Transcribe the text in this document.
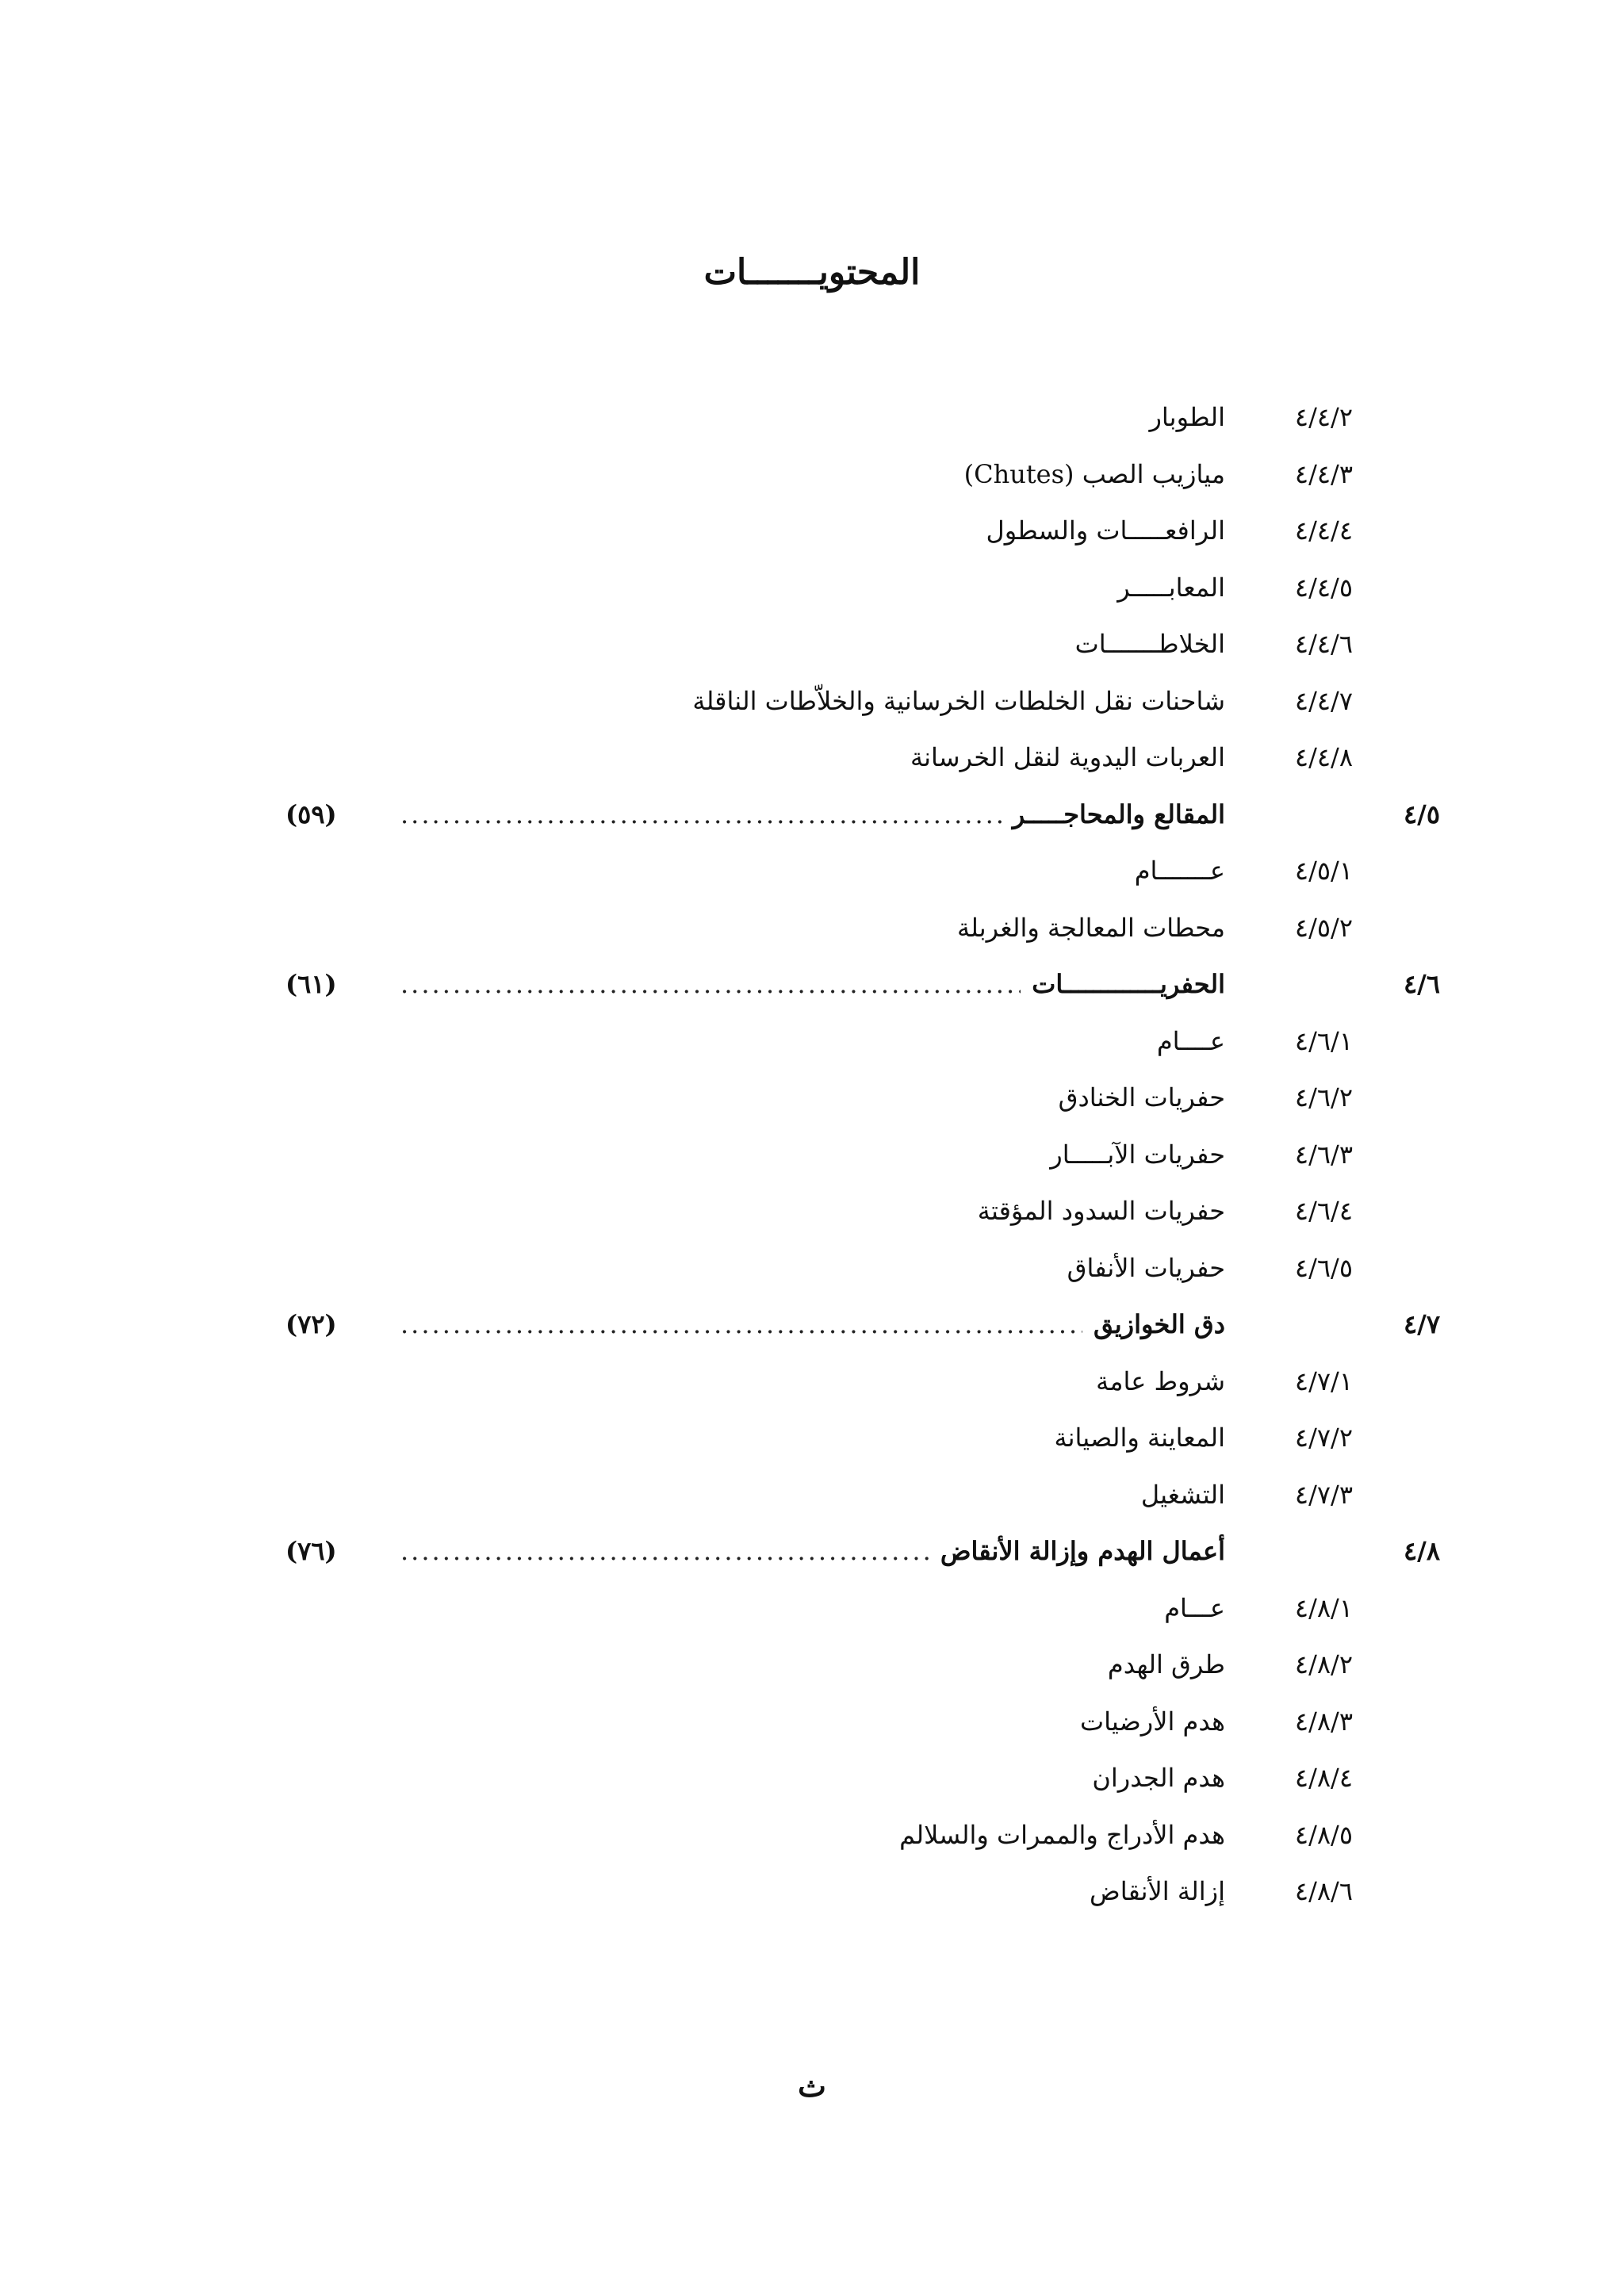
المحتويـــــــات
٤/٤/٢
الطوبار
٤/٤/٣
ميازيب الصب (Chutes)
٤/٤/٤
الرافعـــــات والسطول
٤/٤/٥
المعابـــــر
٤/٤/٦
الخلاطـــــــات
٤/٤/٧
شاحنات نقل الخلطات الخرسانية والخلاّطات الناقلة
٤/٤/٨
العربات اليدوية لنقل الخرسانة
٤/٥
المقالع والمحاجـــــر
.....
(٥٩)
٤/٥/١
عـــــــام
٤/٥/٢
محطات المعالجة والغربلة
٤/٦
الحفريـــــــــــــات
.....
(٦١)
٤/٦/١
عــــام
٤/٦/٢
حفريات الخنادق
٤/٦/٣
حفريات الآبـــــار
٤/٦/٤
حفريات السدود المؤقتة
٤/٦/٥
حفريات الأنفاق
٤/٧
دق الخوازيق
.....
(٧٢)
٤/٧/١
شروط عامة
٤/٧/٢
المعاينة والصيانة
٤/٧/٣
التشغيل
٤/٨
أعمال الهدم وإزالة الأنقاض
.....
(٧٦)
٤/٨/١
عـــام
٤/٨/٢
طرق الهدم
٤/٨/٣
هدم الأرضيات
٤/٨/٤
هدم الجدران
٤/٨/٥
هدم الأدراج والممرات والسلالم
٤/٨/٦
إزالة الأنقاض
ث
